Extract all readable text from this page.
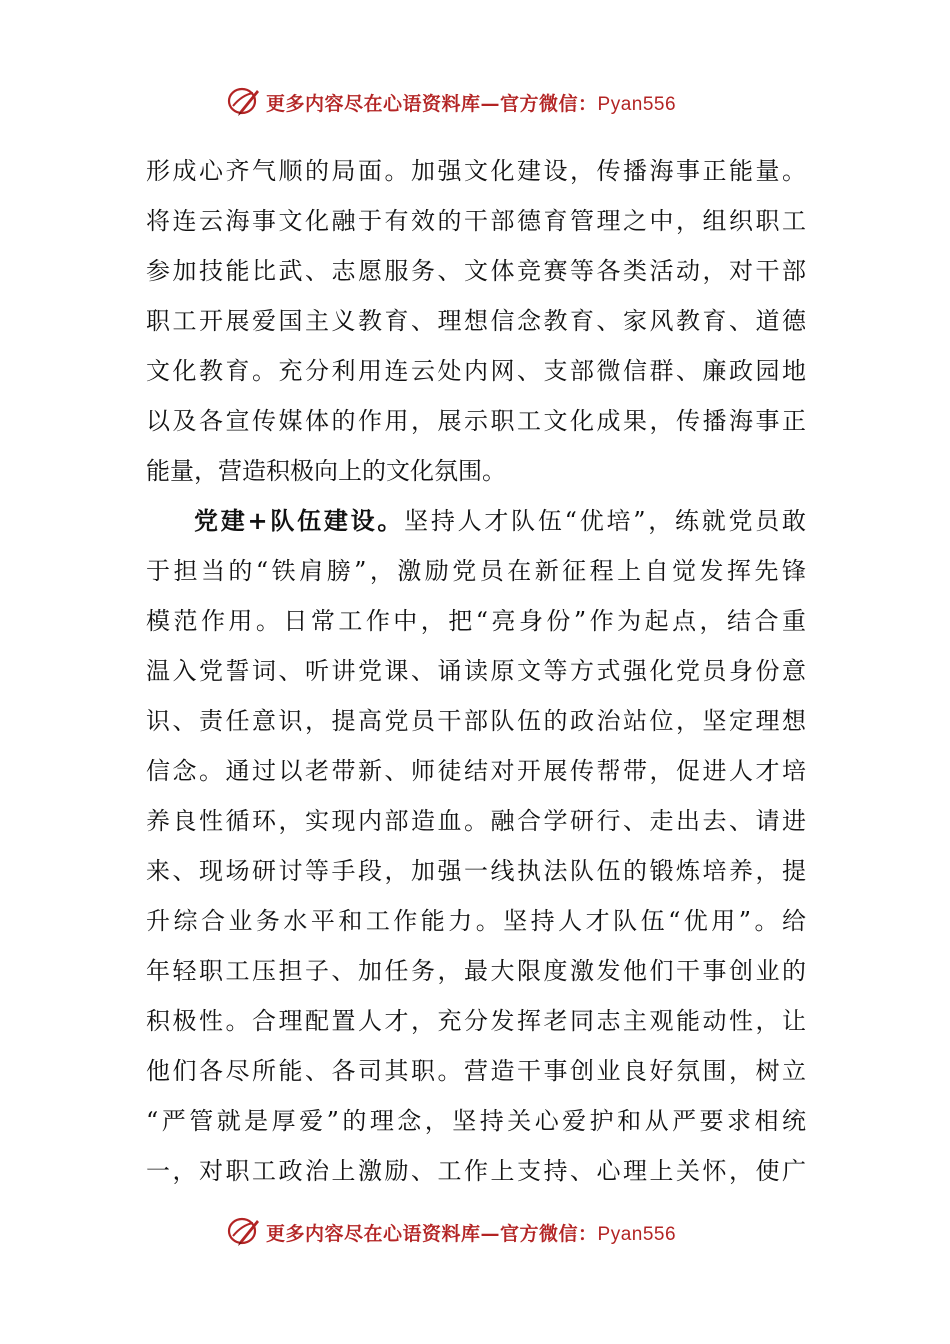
更多内容尽在心语资料库—官方微信：Pyan556
形成心齐气顺的局面。加强文化建设，传播海事正能量。
将连云海事文化融于有效的干部德育管理之中，组织职工
参加技能比武、志愿服务、文体竞赛等各类活动，对干部
职工开展爱国主义教育、理想信念教育、家风教育、道德
文化教育。充分利用连云处内网、支部微信群、廉政园地
以及各宣传媒体的作用，展示职工文化成果，传播海事正
能量，营造积极向上的文化氛围。
党建+队伍建设。坚持人才队伍“优培”，练就党员敢
于担当的“铁肩膀”，激励党员在新征程上自觉发挥先锋
模范作用。日常工作中，把“亮身份”作为起点，结合重
温入党誓词、听讲党课、诵读原文等方式强化党员身份意
识、责任意识，提高党员干部队伍的政治站位，坚定理想
信念。通过以老带新、师徒结对开展传帮带，促进人才培
养良性循环，实现内部造血。融合学研行、走出去、请进
来、现场研讨等手段，加强一线执法队伍的锻炼培养，提
升综合业务水平和工作能力。坚持人才队伍“优用”。给
年轻职工压担子、加任务，最大限度激发他们干事创业的
积极性。合理配置人才，充分发挥老同志主观能动性，让
他们各尽所能、各司其职。营造干事创业良好氛围，树立
“严管就是厚爱”的理念，坚持关心爱护和从严要求相统
一，对职工政治上激励、工作上支持、心理上关怀，使广
更多内容尽在心语资料库—官方微信：Pyan556
